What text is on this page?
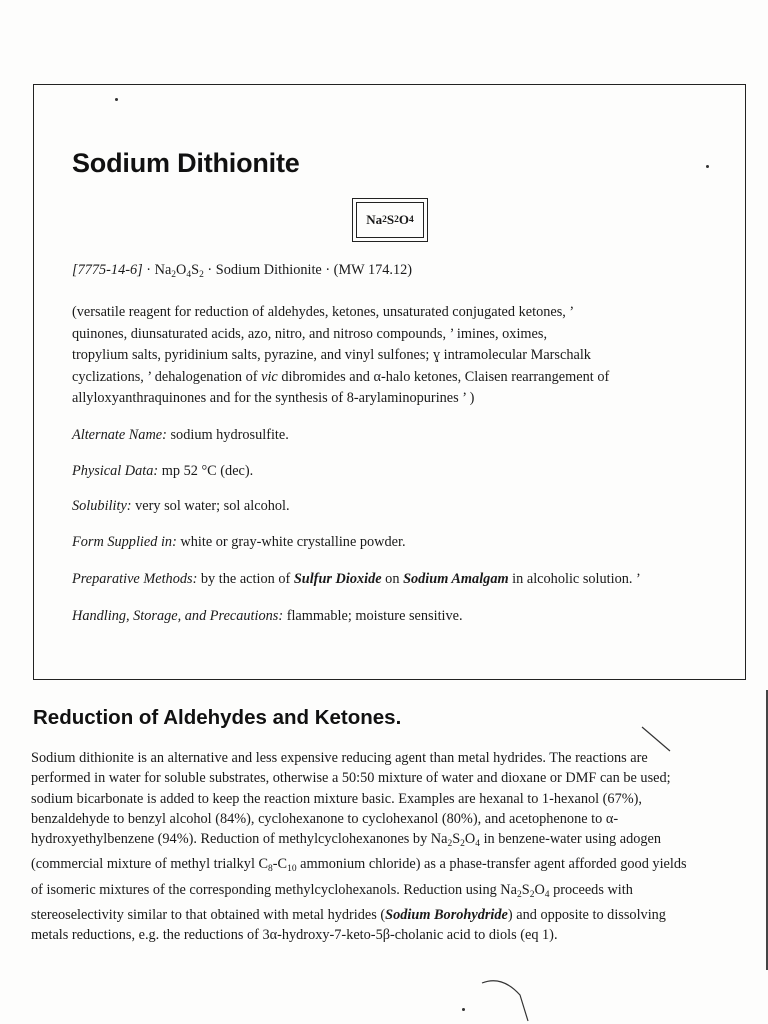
Sodium Dithionite
Na 2 S 2 O 4

$[7775-14-6] \cdot Na_2O_4S_2$ · Sodium Dithionite · (MW 174.12)

(versatile reagent for reduction of aldehydes, ketones, unsaturated conjugated ketones, ’
quinones, diunsaturated acids, azo, nitro, and nitroso compounds, ’ imines, oximes,
tropylium salts, pyridinium salts, pyrazine, and vinyl sulfones; ɣ intramolecular Marschalk
cyclizations, ’ dehalogenation of vic dibromides and α-halo ketones, Claisen rearrangement of
allyloxyanthraquinones and for the synthesis of 8-arylaminopurines ’ )

Alternate Name: sodium hydrosulfite.

Physical Data: mp 52 °C (dec).

Solubility: very sol water; sol alcohol.

Form Supplied in: white or gray-white crystalline powder.

Preparative Methods: by the action of Sulfur Dioxide on Sodium Amalgam in alcoholic solution. ’

Handling, Storage, and Precautions: flammable; moisture sensitive.

Reduction of Aldehydes and Ketones.

Sodium dithionite is an alternative and less expensive reducing agent than metal hydrides. The reactions are
performed in water for soluble substrates, otherwise a 50:50 mixture of water and dioxane or DMF can be used;
sodium bicarbonate is added to keep the reaction mixture basic. Examples are hexanal to 1-hexanol (67%),
benzaldehyde to benzyl alcohol (84%), cyclohexanone to cyclohexanol (80%), and acetophenone to α-
hydroxyethylbenzene (94%). Reduction of methylcyclohexanones by $Na_2S_2O_4$ in benzene-water using adogen
(commercial mixture of methyl trialkyl $C_8-C_{10}$ ammonium chloride) as a phase-transfer agent afforded good yields
of isomeric mixtures of the corresponding methylcyclohexanols. Reduction using $Na_2S_2O_4$ proceeds with
stereoselectivity similar to that obtained with metal hydrides (Sodium Borohydride) and opposite to dissolving
metals reductions, e.g. the reductions of 3α-hydroxy-7-keto-5β-cholanic acid to diols (eq 1).
